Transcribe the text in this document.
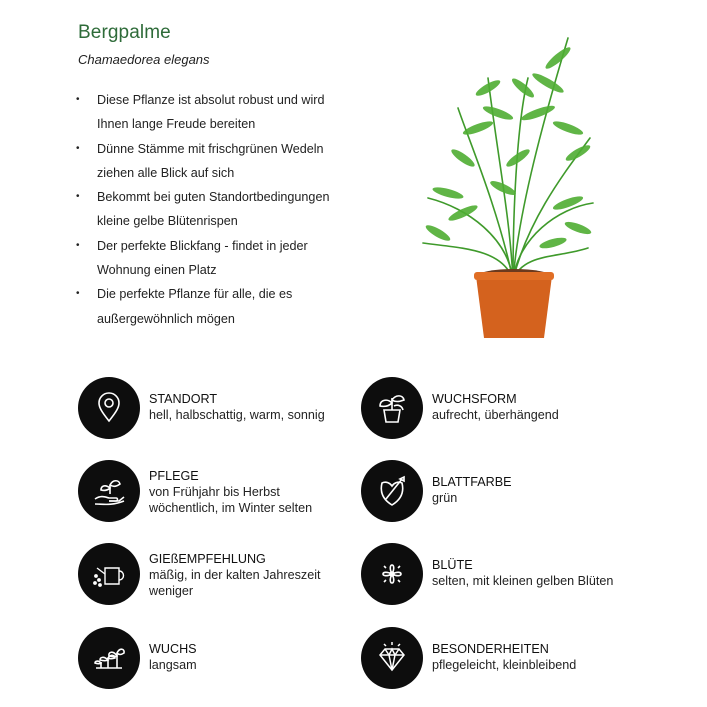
Bergpalme
Chamaedorea elegans
• Diese Pflanze ist absolut robust und wird
Ihnen lange Freude bereiten
• Dünne Stämme mit frischgrünen Wedeln
ziehen alle Blick auf sich
• Bekommt bei guten Standortbedingungen
kleine gelbe Blütenrispen
• Der perfekte Blickfang - findet in jeder
Wohnung einen Platz
• Die perfekte Pflanze für alle, die es
außergewöhnlich mögen
STANDORT
hell, halbschattig, warm, sonnig
WUCHSFORM
aufrecht, überhängend
PFLEGE
von Frühjahr bis Herbst
wöchentlich, im Winter selten
BLATTFARBE
grün
GIEßEMPFEHLUNG
mäßig, in der kalten Jahreszeit
weniger
BLÜTE
selten, mit kleinen gelben Blüten
WUCHS
langsam
BESONDERHEITEN
pflegeleicht, kleinbleibend
